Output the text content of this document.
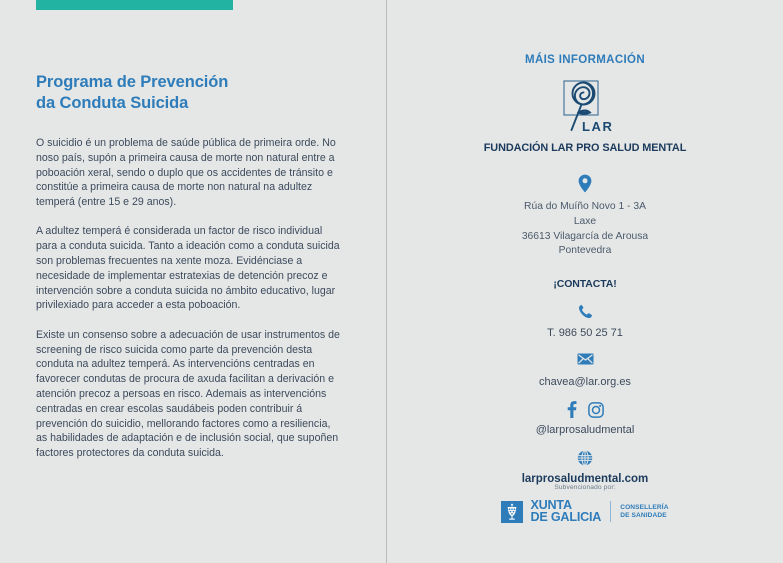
Programa de Prevención
da Conduta Suicida

O suicidio é un problema de saúde pública de primeira orde. No noso país, supón a primeira causa de morte non natural entre a poboación xeral, sendo o duplo que os accidentes de tránsito e constitúe a primeira causa de morte non natural na adultez temperá (entre 15 e 29 anos).

A adultez temperá é considerada un factor de risco individual para a conduta suicida. Tanto a ideación como a conduta suicida son problemas frecuentes na xente moza. Evidénciase a necesidade de implementar estratexias de detención precoz e intervención sobre a conduta suicida no ámbito educativo, lugar privilexiado para acceder a esta poboación.

Existe un consenso sobre a adecuación de usar instrumentos de screening de risco suicida como parte da prevención desta conduta na adultez temperá. As intervencións centradas en favorecer condutas de procura de axuda facilitan a derivación e atención precoz a persoas en risco. Ademais as intervencións centradas en crear escolas saudábeis poden contribuir á prevención do suicidio, mellorando factores como a resiliencia, as habilidades de adaptación e de inclusión social, que supoñen factores protectores da conduta suicida.

MÁIS INFORMACIÓN
LAR

FUNDACIÓN LAR PRO SALUD MENTAL

Rúa do Muíño Novo 1 - 3A
Laxe
36613 Vilagarcía de Arousa
Pontevedra

¡CONTACTA!

T. 986 50 25 71

chavea@lar.org.es

@larprosaludmental

larprosaludmental.com

Subvencionado por:

XUNTA
DE GALICIA
CONSELLERÍA
DE SANIDADE
